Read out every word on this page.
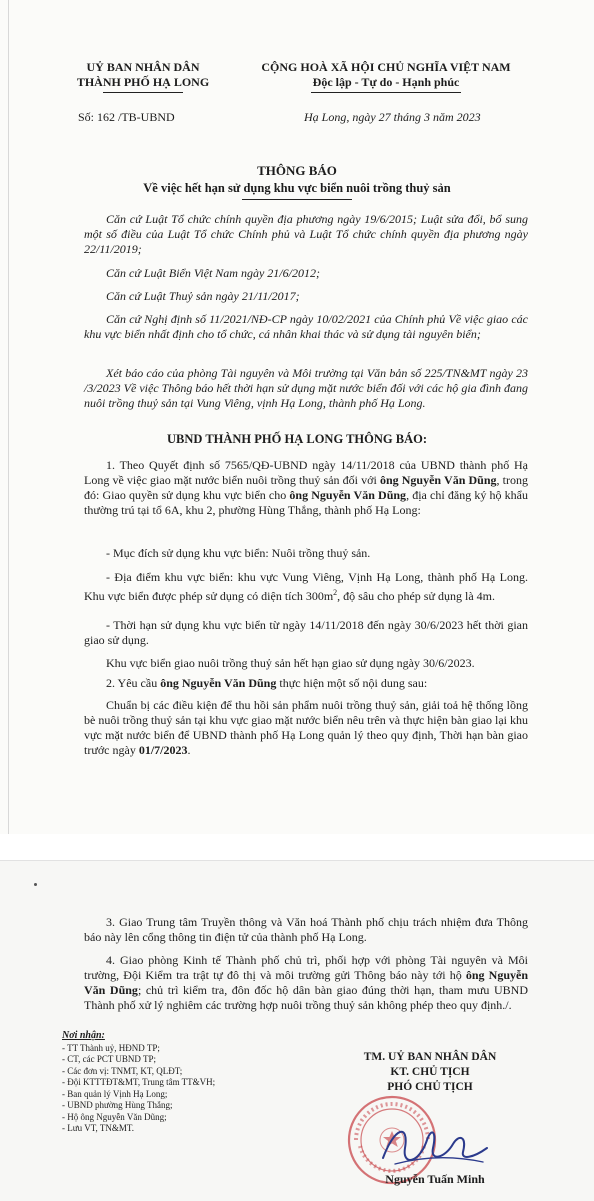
UỶ BAN NHÂN DÂN
THÀNH PHỐ HẠ LONG
CỘNG HOÀ XÃ HỘI CHỦ NGHĨA VIỆT NAM
Độc lập - Tự do - Hạnh phúc
Số: 162 /TB-UBND	Hạ Long, ngày 27 tháng 3 năm 2023
THÔNG BÁO
Về việc hết hạn sử dụng khu vực biển nuôi trồng thuỷ sản
Căn cứ Luật Tổ chức chính quyền địa phương ngày 19/6/2015; Luật sửa đổi, bổ sung một số điều của Luật Tổ chức Chính phủ và Luật Tổ chức chính quyền địa phương ngày 22/11/2019;
Căn cứ Luật Biển Việt Nam ngày 21/6/2012;
Căn cứ Luật Thuỷ sản ngày 21/11/2017;
Căn cứ Nghị định số 11/2021/NĐ-CP ngày 10/02/2021 của Chính phủ Về việc giao các khu vực biển nhất định cho tổ chức, cá nhân khai thác và sử dụng tài nguyên biển;
Xét báo cáo của phòng Tài nguyên và Môi trường tại Văn bản số 225/TN&MT ngày 23 /3/2023 Về việc Thông báo hết thời hạn sử dụng mặt nước biển đối với các hộ gia đình đang nuôi trồng thuỷ sản tại Vung Viêng, vịnh Hạ Long, thành phố Hạ Long.
UBND THÀNH PHỐ HẠ LONG THÔNG BÁO:
1. Theo Quyết định số 7565/QĐ-UBND ngày 14/11/2018 của UBND thành phố Hạ Long về việc giao mặt nước biển nuôi trồng thuỷ sản đối với ông Nguyễn Văn Dũng, trong đó: Giao quyền sử dụng khu vực biển cho ông Nguyễn Văn Dũng, địa chỉ đăng ký hộ khẩu thường trú tại tổ 6A, khu 2, phường Hùng Thắng, thành phố Hạ Long:
- Mục đích sử dụng khu vực biển: Nuôi trồng thuỷ sản.
- Địa điểm khu vực biển: khu vực Vung Viêng, Vịnh Hạ Long, thành phố Hạ Long. Khu vực biển được phép sử dụng có diện tích $300m^2$, độ sâu cho phép sử dụng là 4m.
- Thời hạn sử dụng khu vực biển từ ngày 14/11/2018 đến ngày 30/6/2023 hết thời gian giao sử dụng.
Khu vực biển giao nuôi trồng thuỷ sản hết hạn giao sử dụng ngày 30/6/2023.
2. Yêu cầu ông Nguyễn Văn Dũng thực hiện một số nội dung sau:
Chuẩn bị các điều kiện để thu hồi sản phẩm nuôi trồng thuỷ sản, giải toả hệ thống lồng bè nuôi trồng thuỷ sản tại khu vực giao mặt nước biển nêu trên và thực hiện bàn giao lại khu vực mặt nước biển để UBND thành phố Hạ Long quản lý theo quy định, Thời hạn bàn giao trước ngày 01/7/2023.
3. Giao Trung tâm Truyền thông và Văn hoá Thành phố chịu trách nhiệm đưa Thông báo này lên cổng thông tin điện tử của thành phố Hạ Long.
4. Giao phòng Kinh tế Thành phố chủ trì, phối hợp với phòng Tài nguyên và Môi trường, Đội Kiểm tra trật tự đô thị và môi trường gửi Thông báo này tới hộ ông Nguyễn Văn Dũng; chủ trì kiểm tra, đôn đốc hộ dân bàn giao đúng thời hạn, tham mưu UBND Thành phố xử lý nghiêm các trường hợp nuôi trồng thuỷ sản không phép theo quy định./.
Nơi nhận:
- TT Thành uỷ, HĐND TP;
- CT, các PCT UBND TP;
- Các đơn vị: TNMT, KT, QLĐT;
- Đội KTTTĐT&MT, Trung tâm TT&VH;
- Ban quản lý Vịnh Hạ Long;
- UBND phường Hùng Thắng;
- Hộ ông Nguyễn Văn Dũng;
- Lưu VT, TN&MT.
TM. UỶ BAN NHÂN DÂN
KT. CHỦ TỊCH
PHÓ CHỦ TỊCH
Nguyễn Tuấn Minh
